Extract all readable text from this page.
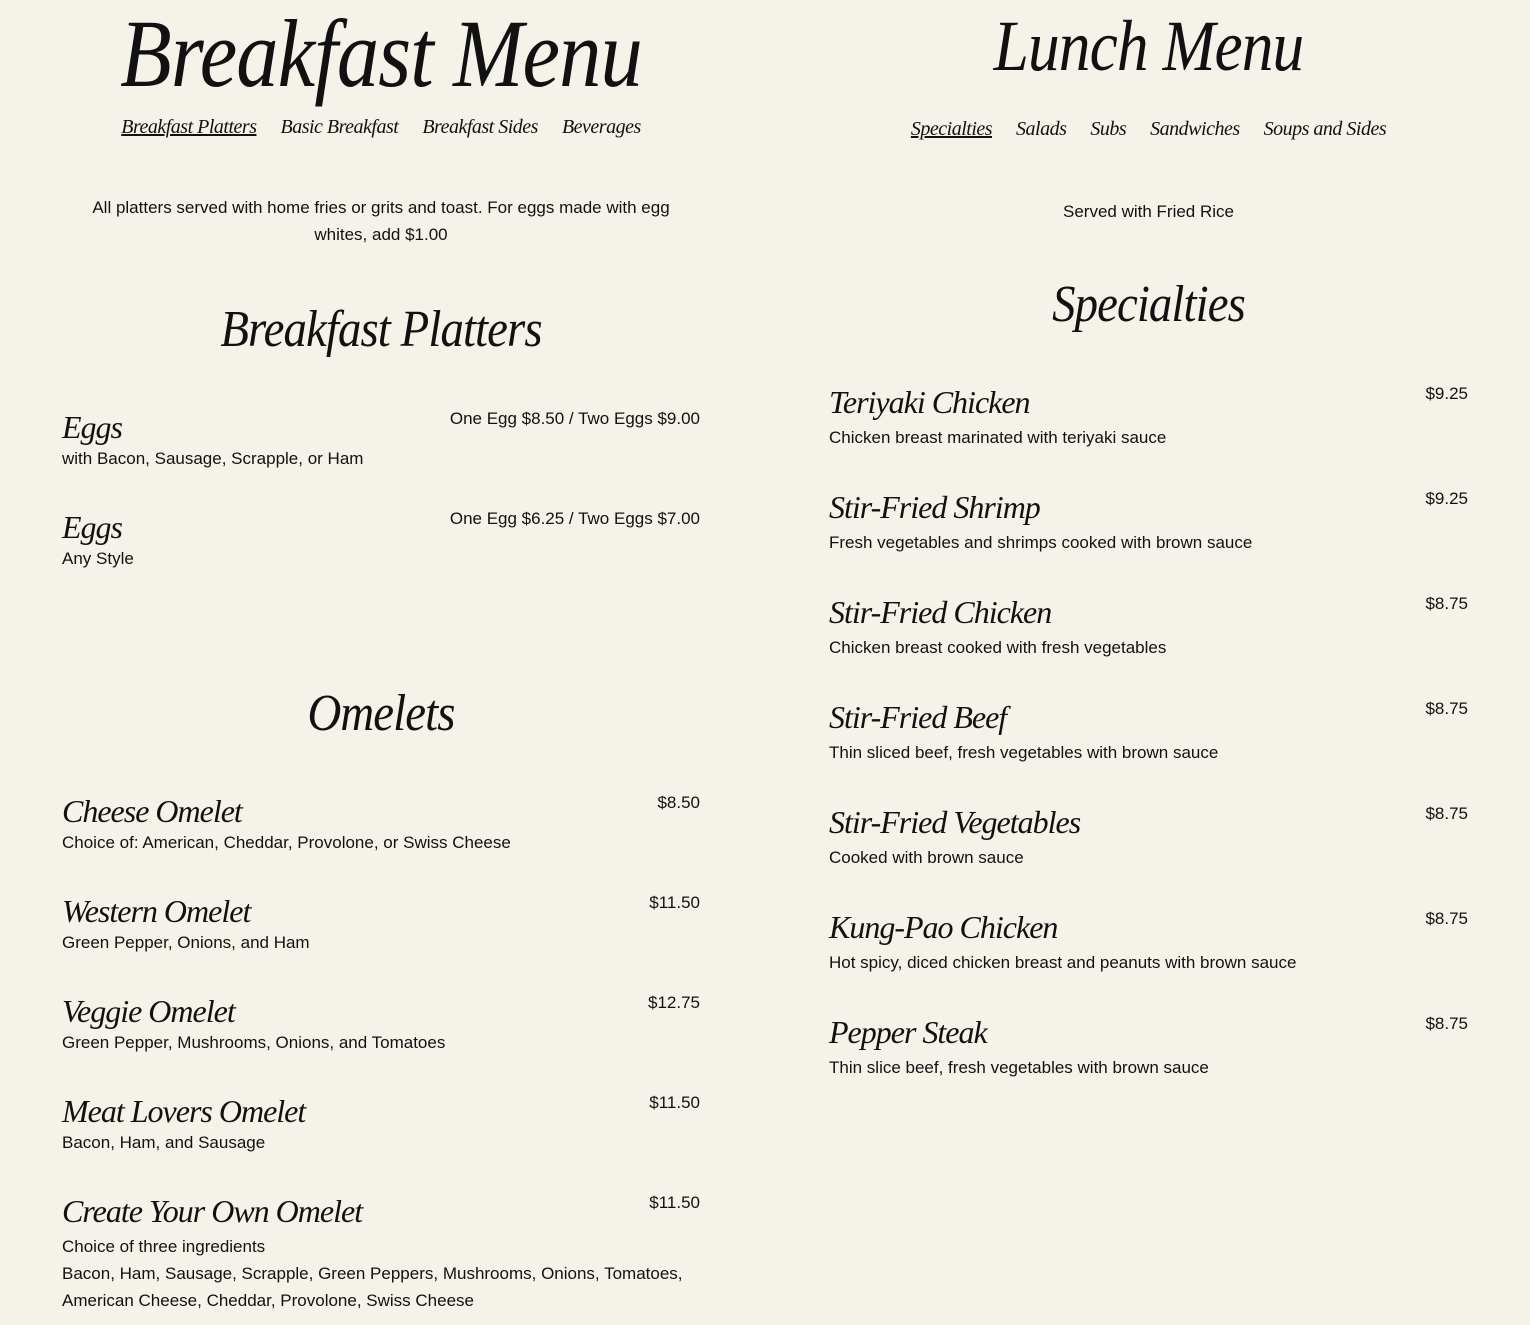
Breakfast Menu
Breakfast Platters Basic Breakfast Breakfast Sides Beverages

All platters served with home fries or grits and toast. For eggs made with egg whites, add $1.00

Breakfast Platters
Eggs	One Egg $8.50 / Two Eggs $9.00
with Bacon, Sausage, Scrapple, or Ham
Eggs	One Egg $6.25 / Two Eggs $7.00
Any Style
Omelets
Cheese Omelet	$8.50
Choice of: American, Cheddar, Provolone, or Swiss Cheese
Western Omelet	$11.50
Green Pepper, Onions, and Ham
Veggie Omelet	$12.75
Green Pepper, Mushrooms, Onions, and Tomatoes
Meat Lovers Omelet	$11.50
Bacon, Ham, and Sausage
Create Your Own Omelet	$11.50
Choice of three ingredients
Bacon, Ham, Sausage, Scrapple, Green Peppers, Mushrooms, Onions, Tomatoes, American Cheese, Cheddar, Provolone, Swiss Cheese
Lunch Menu
Specialties Salads Subs Sandwiches Soups and Sides

Served with Fried Rice

Specialties
Teriyaki Chicken	$9.25
Chicken breast marinated with teriyaki sauce
Stir-Fried Shrimp	$9.25
Fresh vegetables and shrimps cooked with brown sauce
Stir-Fried Chicken	$8.75
Chicken breast cooked with fresh vegetables
Stir-Fried Beef	$8.75
Thin sliced beef, fresh vegetables with brown sauce
Stir-Fried Vegetables	$8.75
Cooked with brown sauce
Kung-Pao Chicken	$8.75
Hot spicy, diced chicken breast and peanuts with brown sauce
Pepper Steak	$8.75
Thin slice beef, fresh vegetables with brown sauce
